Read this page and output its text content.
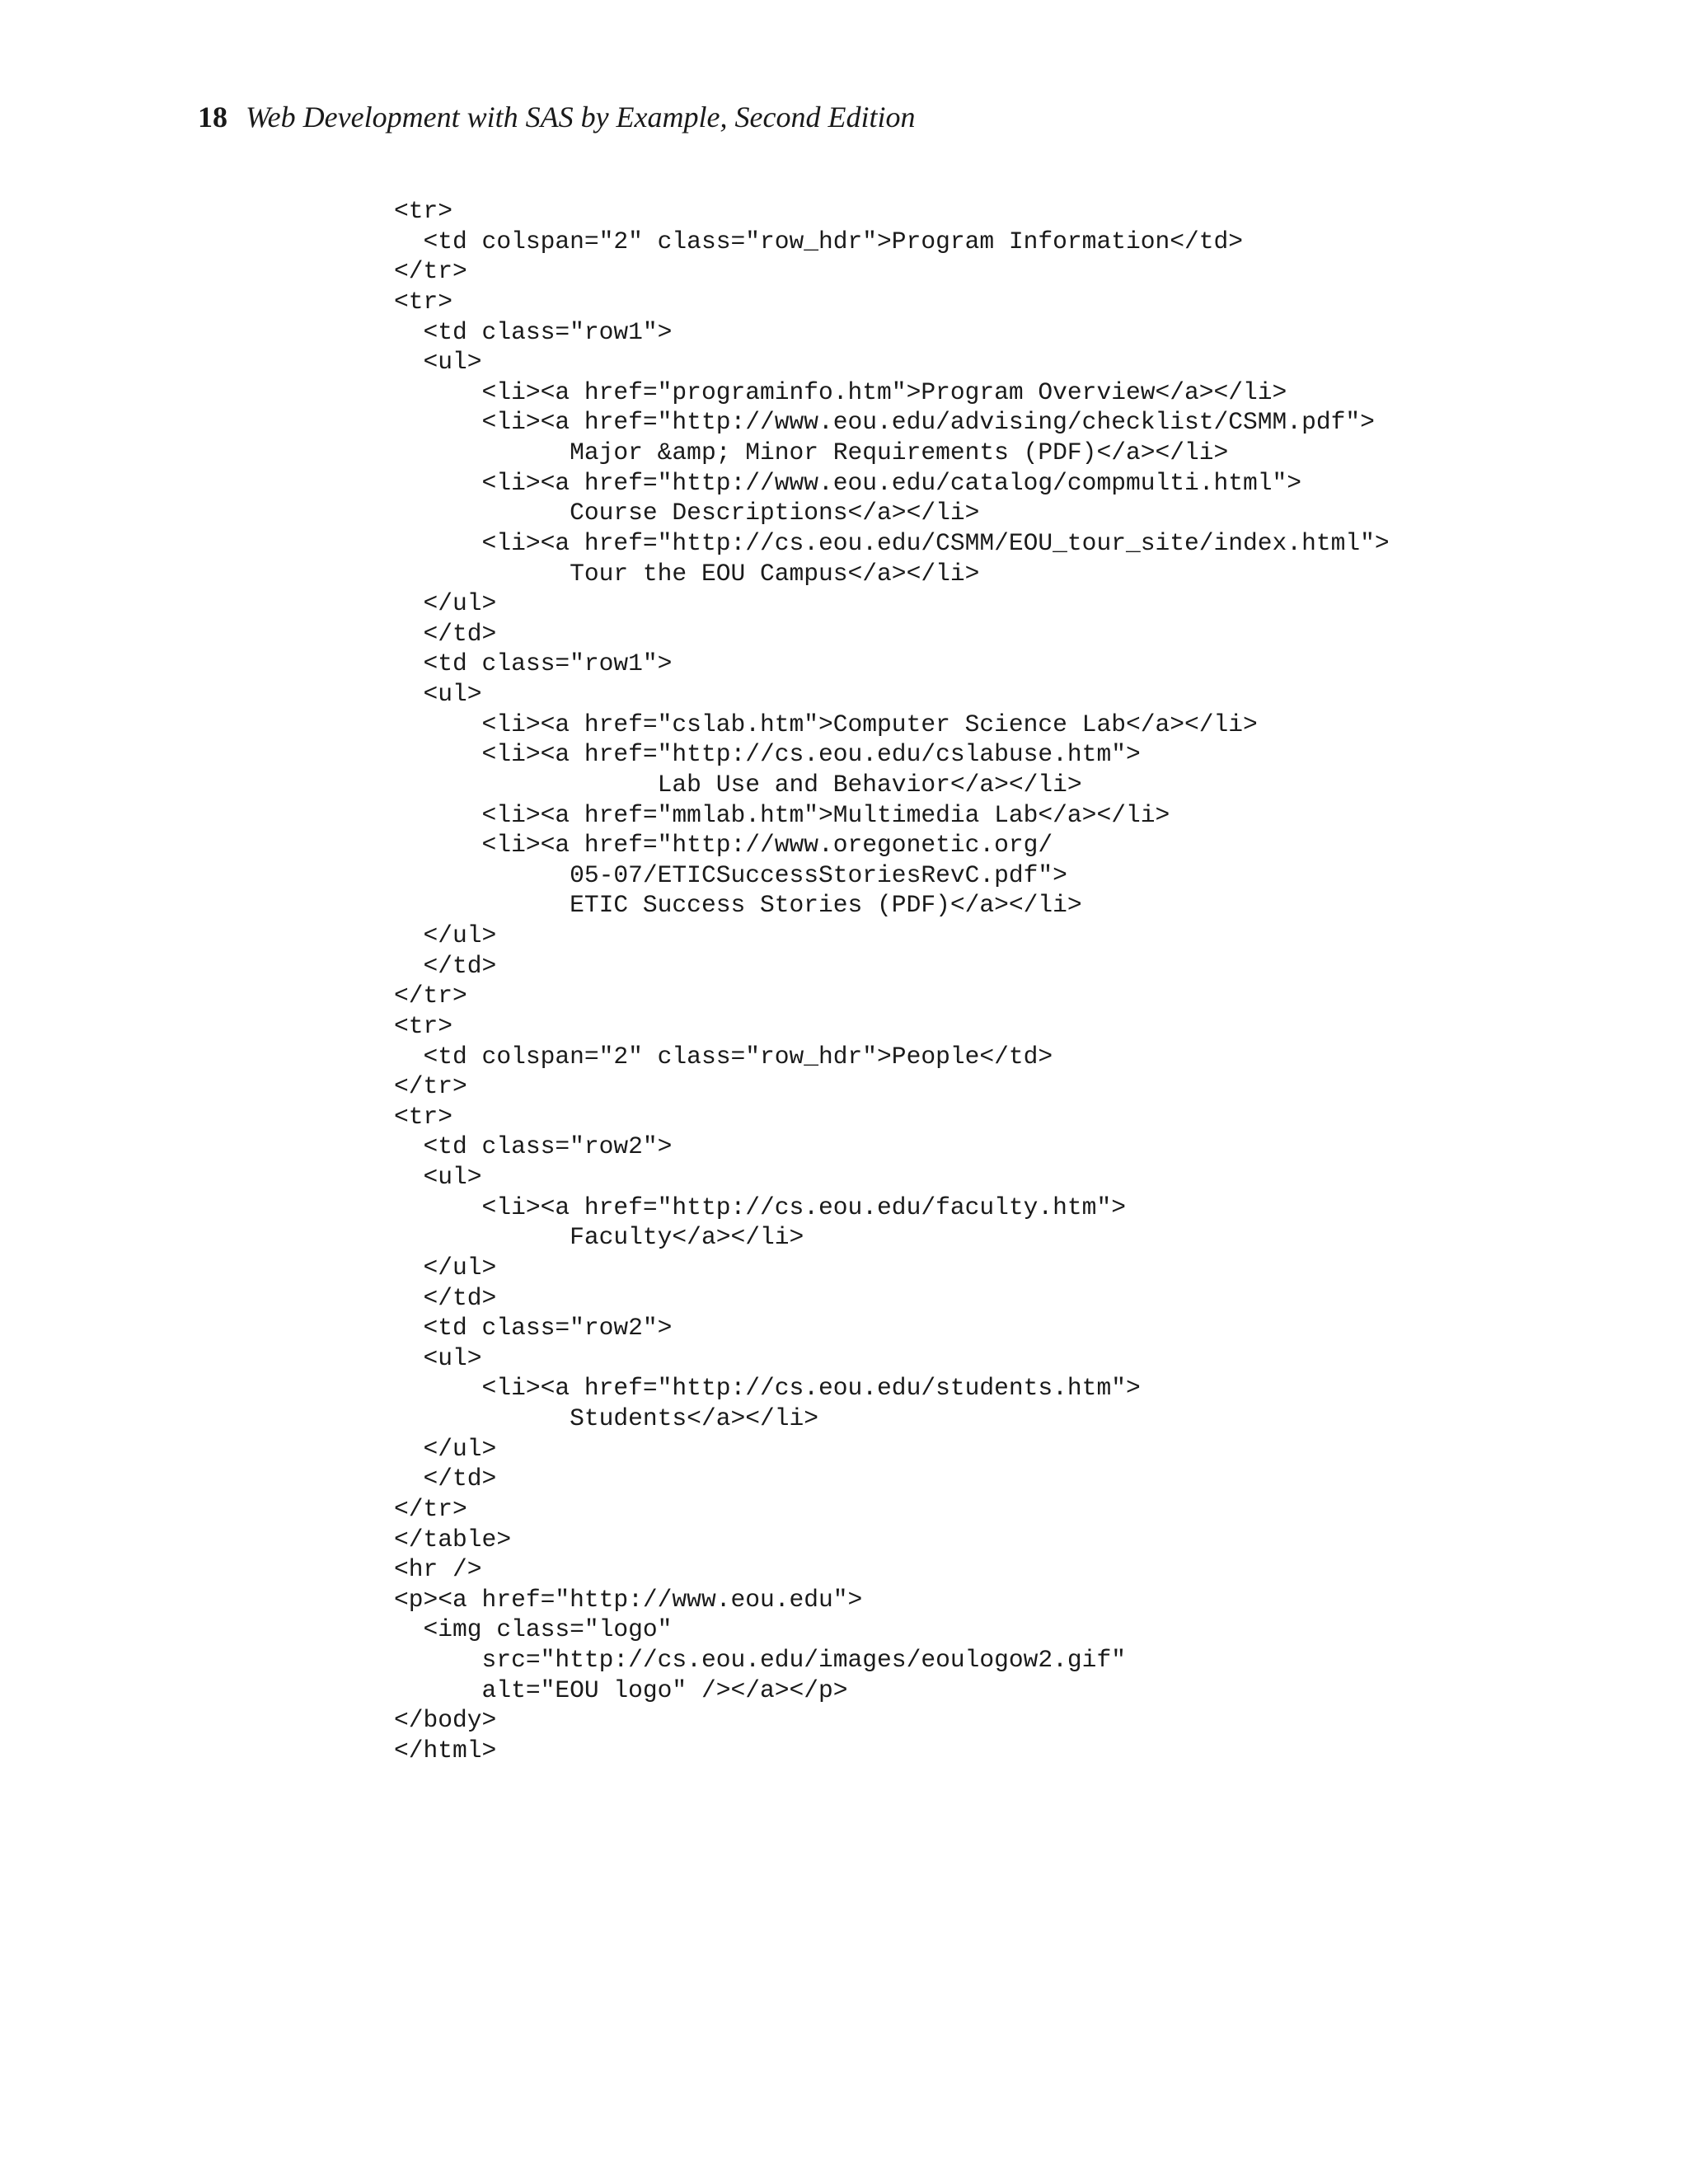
18 Web Development with SAS by Example, Second Edition
<tr>
<td colspan="2" class="row_hdr">Program Information</td>
</tr>
<tr>
<td class="row1">
<ul>
<li><a href="programinfo.htm">Program Overview</a></li>
<li><a href="http://www.eou.edu/advising/checklist/CSMM.pdf">
Major &amp; Minor Requirements (PDF)</a></li>
<li><a href="http://www.eou.edu/catalog/compmulti.html">
Course Descriptions</a></li>
<li><a href="http://cs.eou.edu/CSMM/EOU_tour_site/index.html">
Tour the EOU Campus</a></li>
</ul>
</td>
<td class="row1">
<ul>
<li><a href="cslab.htm">Computer Science Lab</a></li>
<li><a href="http://cs.eou.edu/cslabuse.htm">
Lab Use and Behavior</a></li>
<li><a href="mmlab.htm">Multimedia Lab</a></li>
<li><a href="http://www.oregonetic.org/
05-07/ETICSuccessStoriesRevC.pdf">
ETIC Success Stories (PDF)</a></li>
</ul>
</td>
</tr>
<tr>
<td colspan="2" class="row_hdr">People</td>
</tr>
<tr>
<td class="row2">
<ul>
<li><a href="http://cs.eou.edu/faculty.htm">
Faculty</a></li>
</ul>
</td>
<td class="row2">
<ul>
<li><a href="http://cs.eou.edu/students.htm">
Students</a></li>
</ul>
</td>
</tr>
</table>
<hr />
<p><a href="http://www.eou.edu">
<img class="logo"
src="http://cs.eou.edu/images/eoulogow2.gif"
alt="EOU logo" /></a></p>
</body>
</html>
